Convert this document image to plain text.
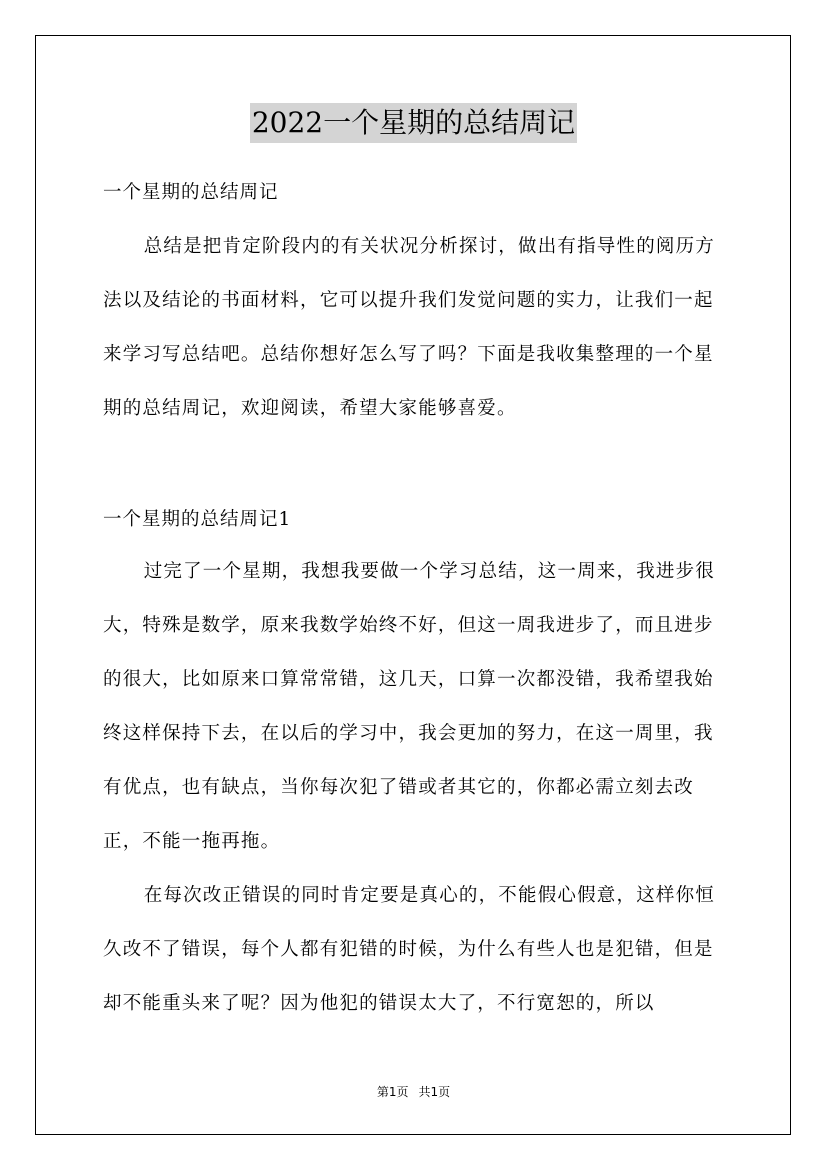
2022一个星期的总结周记

一个星期的总结周记

总结是把肯定阶段内的有关状况分析探讨，做出有指导性的阅历方法以及结论的书面材料，它可以提升我们发觉问题的实力，让我们一起来学习写总结吧。总结你想好怎么写了吗？下面是我收集整理的一个星期的总结周记，欢迎阅读，希望大家能够喜爱。

一个星期的总结周记1

过完了一个星期，我想我要做一个学习总结，这一周来，我进步很大，特殊是数学，原来我数学始终不好，但这一周我进步了，而且进步的很大，比如原来口算常常错，这几天，口算一次都没错，我希望我始终这样保持下去，在以后的学习中，我会更加的努力，在这一周里，我有优点，也有缺点，当你每次犯了错或者其它的，你都必需立刻去改正，不能一拖再拖。

在每次改正错误的同时肯定要是真心的，不能假心假意，这样你恒久改不了错误，每个人都有犯错的时候，为什么有些人也是犯错，但是却不能重头来了呢？因为他犯的错误太大了，不行宽恕的，所以

第1页 共1页
